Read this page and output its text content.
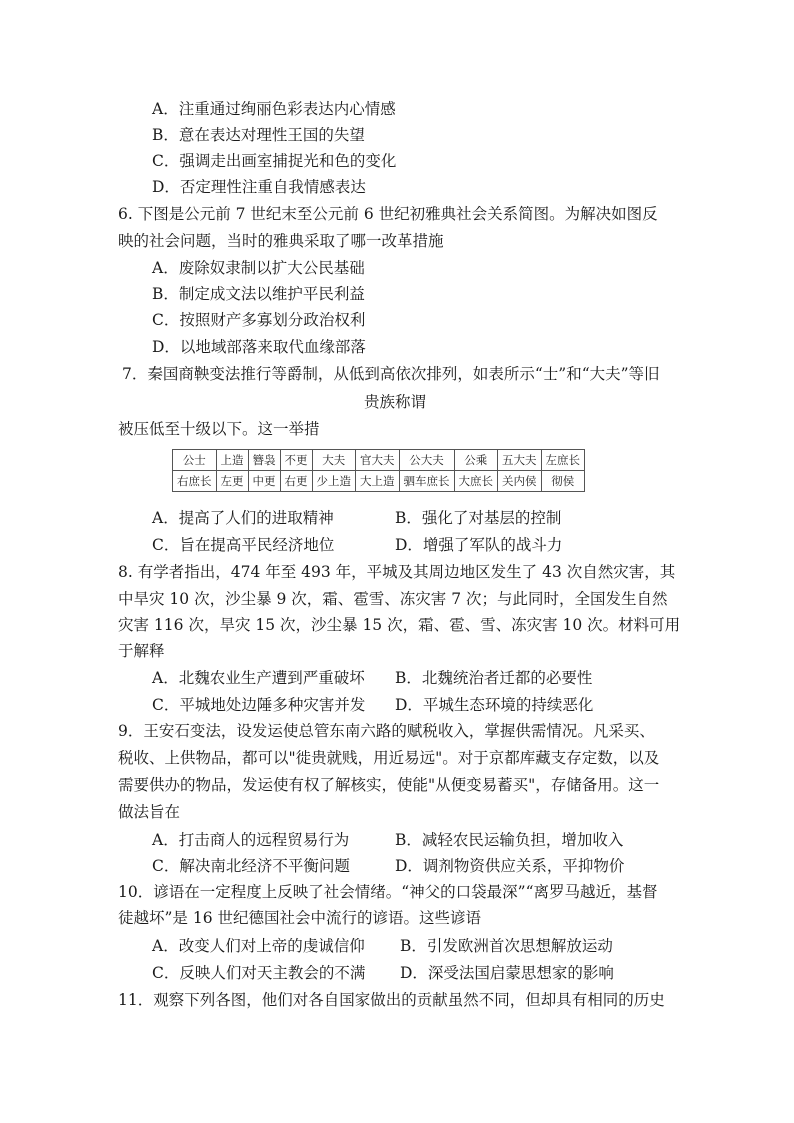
A．注重通过绚丽色彩表达内心情感
B．意在表达对理性王国的失望
C．强调走出画室捕捉光和色的变化
D．否定理性注重自我情感表达
6. 下图是公元前 7 世纪末至公元前 6 世纪初雅典社会关系简图。为解决如图反
映的社会问题，当时的雅典采取了哪一改革措施
A．废除奴隶制以扩大公民基础
B．制定成文法以维护平民利益
C．按照财产多寡划分政治权利
D．以地域部落来取代血缘部落
7．秦国商鞅变法推行等爵制，从低到高依次排列，如表所示“士”和“大夫”等旧
贵族称谓
被压低至十级以下。这一举措
公士	上造	簪袅	不更	大夫	官大夫	公大夫	公乘	五大夫	左庶长
右庶长	左更	中更	右更	少上造	大上造	驷车庶长	大庶长	关内侯	彻侯
A．提高了人们的进取精神	B．强化了对基层的控制
C．旨在提高平民经济地位	D．增强了军队的战斗力
8. 有学者指出，474 年至 493 年，平城及其周边地区发生了 43 次自然灾害，其
中旱灾 10 次，沙尘暴 9 次，霜、雹雪、冻灾害 7 次；与此同时，全国发生自然
灾害 116 次，旱灾 15 次，沙尘暴 15 次，霜、雹、雪、冻灾害 10 次。材料可用
于解释
A．北魏农业生产遭到严重破坏 B．北魏统治者迁都的必要性
C．平城地处边陲多种灾害并发 D．平城生态环境的持续恶化
9．王安石变法，设发运使总管东南六路的赋税收入，掌握供需情况。凡采买、
税收、上供物品，都可以"徙贵就贱，用近易远"。对于京都库藏支存定数，以及
需要供办的物品，发运使有权了解核实，使能"从便变易蓄买"，存储备用。这一
做法旨在
A．打击商人的远程贸易行为	B．减轻农民运输负担，增加收入
C．解决南北经济不平衡问题	D．调剂物资供应关系，平抑物价
10．谚语在一定程度上反映了社会情绪。“神父的口袋最深”“离罗马越近，基督
徒越坏”是 16 世纪德国社会中流行的谚语。这些谚语
A．改变人们对上帝的虔诚信仰 B．引发欧洲首次思想解放运动
C．反映人们对天主教会的不满 D．深受法国启蒙思想家的影响
11．观察下列各图，他们对各自国家做出的贡献虽然不同，但却具有相同的历史
